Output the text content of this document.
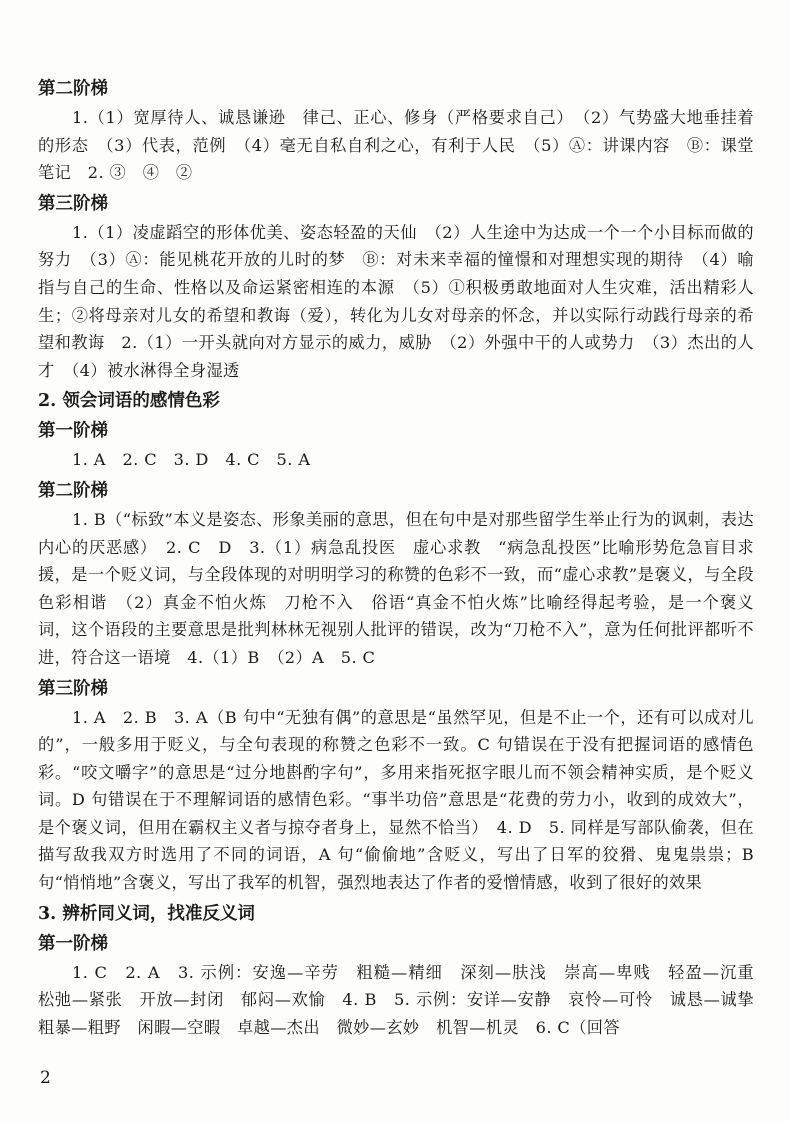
第二阶梯

1.（1）宽厚待人、诚恳谦逊　律己、正心、修身（严格要求自己）　（2）气势盛大地垂挂着的形态　（3）代表，范例　（4）毫无自私自利之心，有利于人民　（5）Ⓐ：讲课内容　Ⓑ：课堂笔记　2. ③　④　②

第三阶梯

1.（1）凌虚蹈空的形体优美、姿态轻盈的天仙　（2）人生途中为达成一个一个小目标而做的努力　（3）Ⓐ：能见桃花开放的儿时的梦　Ⓑ：对未来幸福的憧憬和对理想实现的期待　（4）喻指与自己的生命、性格以及命运紧密相连的本源　（5）①积极勇敢地面对人生灾难，活出精彩人生；②将母亲对儿女的希望和教诲（爱），转化为儿女对母亲的怀念，并以实际行动践行母亲的希望和教诲　2.（1）一开头就向对方显示的威力，威胁　（2）外强中干的人或势力　（3）杰出的人才　（4）被水淋得全身湿透

2. 领会词语的感情色彩

第一阶梯

1. A　2. C　3. D　4. C　5. A

第二阶梯

1. B（“标致”本义是姿态、形象美丽的意思，但在句中是对那些留学生举止行为的讽刺，表达内心的厌恶感）　2. C　D　3.（1）病急乱投医　虚心求教　“病急乱投医”比喻形势危急盲目求援，是一个贬义词，与全段体现的对明明学习的称赞的色彩不一致，而“虚心求教”是褒义，与全段色彩相谐　（2）真金不怕火炼　刀枪不入　俗语“真金不怕火炼”比喻经得起考验，是一个褒义词，这个语段的主要意思是批判林林无视别人批评的错误，改为“刀枪不入”，意为任何批评都听不进，符合这一语境　4.（1）B　（2）A　5. C

第三阶梯

1. A　2. B　3. A（B 句中“无独有偶”的意思是“虽然罕见，但是不止一个，还有可以成对儿的”，一般多用于贬义，与全句表现的称赞之色彩不一致。C 句错误在于没有把握词语的感情色彩。“咬文嚼字”的意思是“过分地斟酌字句”，多用来指死抠字眼儿而不领会精神实质，是个贬义词。D 句错误在于不理解词语的感情色彩。“事半功倍”意思是“花费的劳力小，收到的成效大”，是个褒义词，但用在霸权主义者与掠夺者身上，显然不恰当）　4. D　5. 同样是写部队偷袭，但在描写敌我双方时选用了不同的词语，A 句“偷偷地”含贬义，写出了日军的狡猾、鬼鬼祟祟；B 句“悄悄地”含褒义，写出了我军的机智，强烈地表达了作者的爱憎情感，收到了很好的效果

3. 辨析同义词，找准反义词

第一阶梯

1. C　2. A　3. 示例：安逸—辛劳　粗糙—精细　深刻—肤浅　崇高—卑贱　轻盈—沉重　松弛—紧张　开放—封闭　郁闷—欢愉　4. B　5. 示例：安详—安静　哀怜—可怜　诚恳—诚挚　粗暴—粗野　闲暇—空暇　卓越—杰出　微妙—玄妙　机智—机灵　6. C（回答

2
